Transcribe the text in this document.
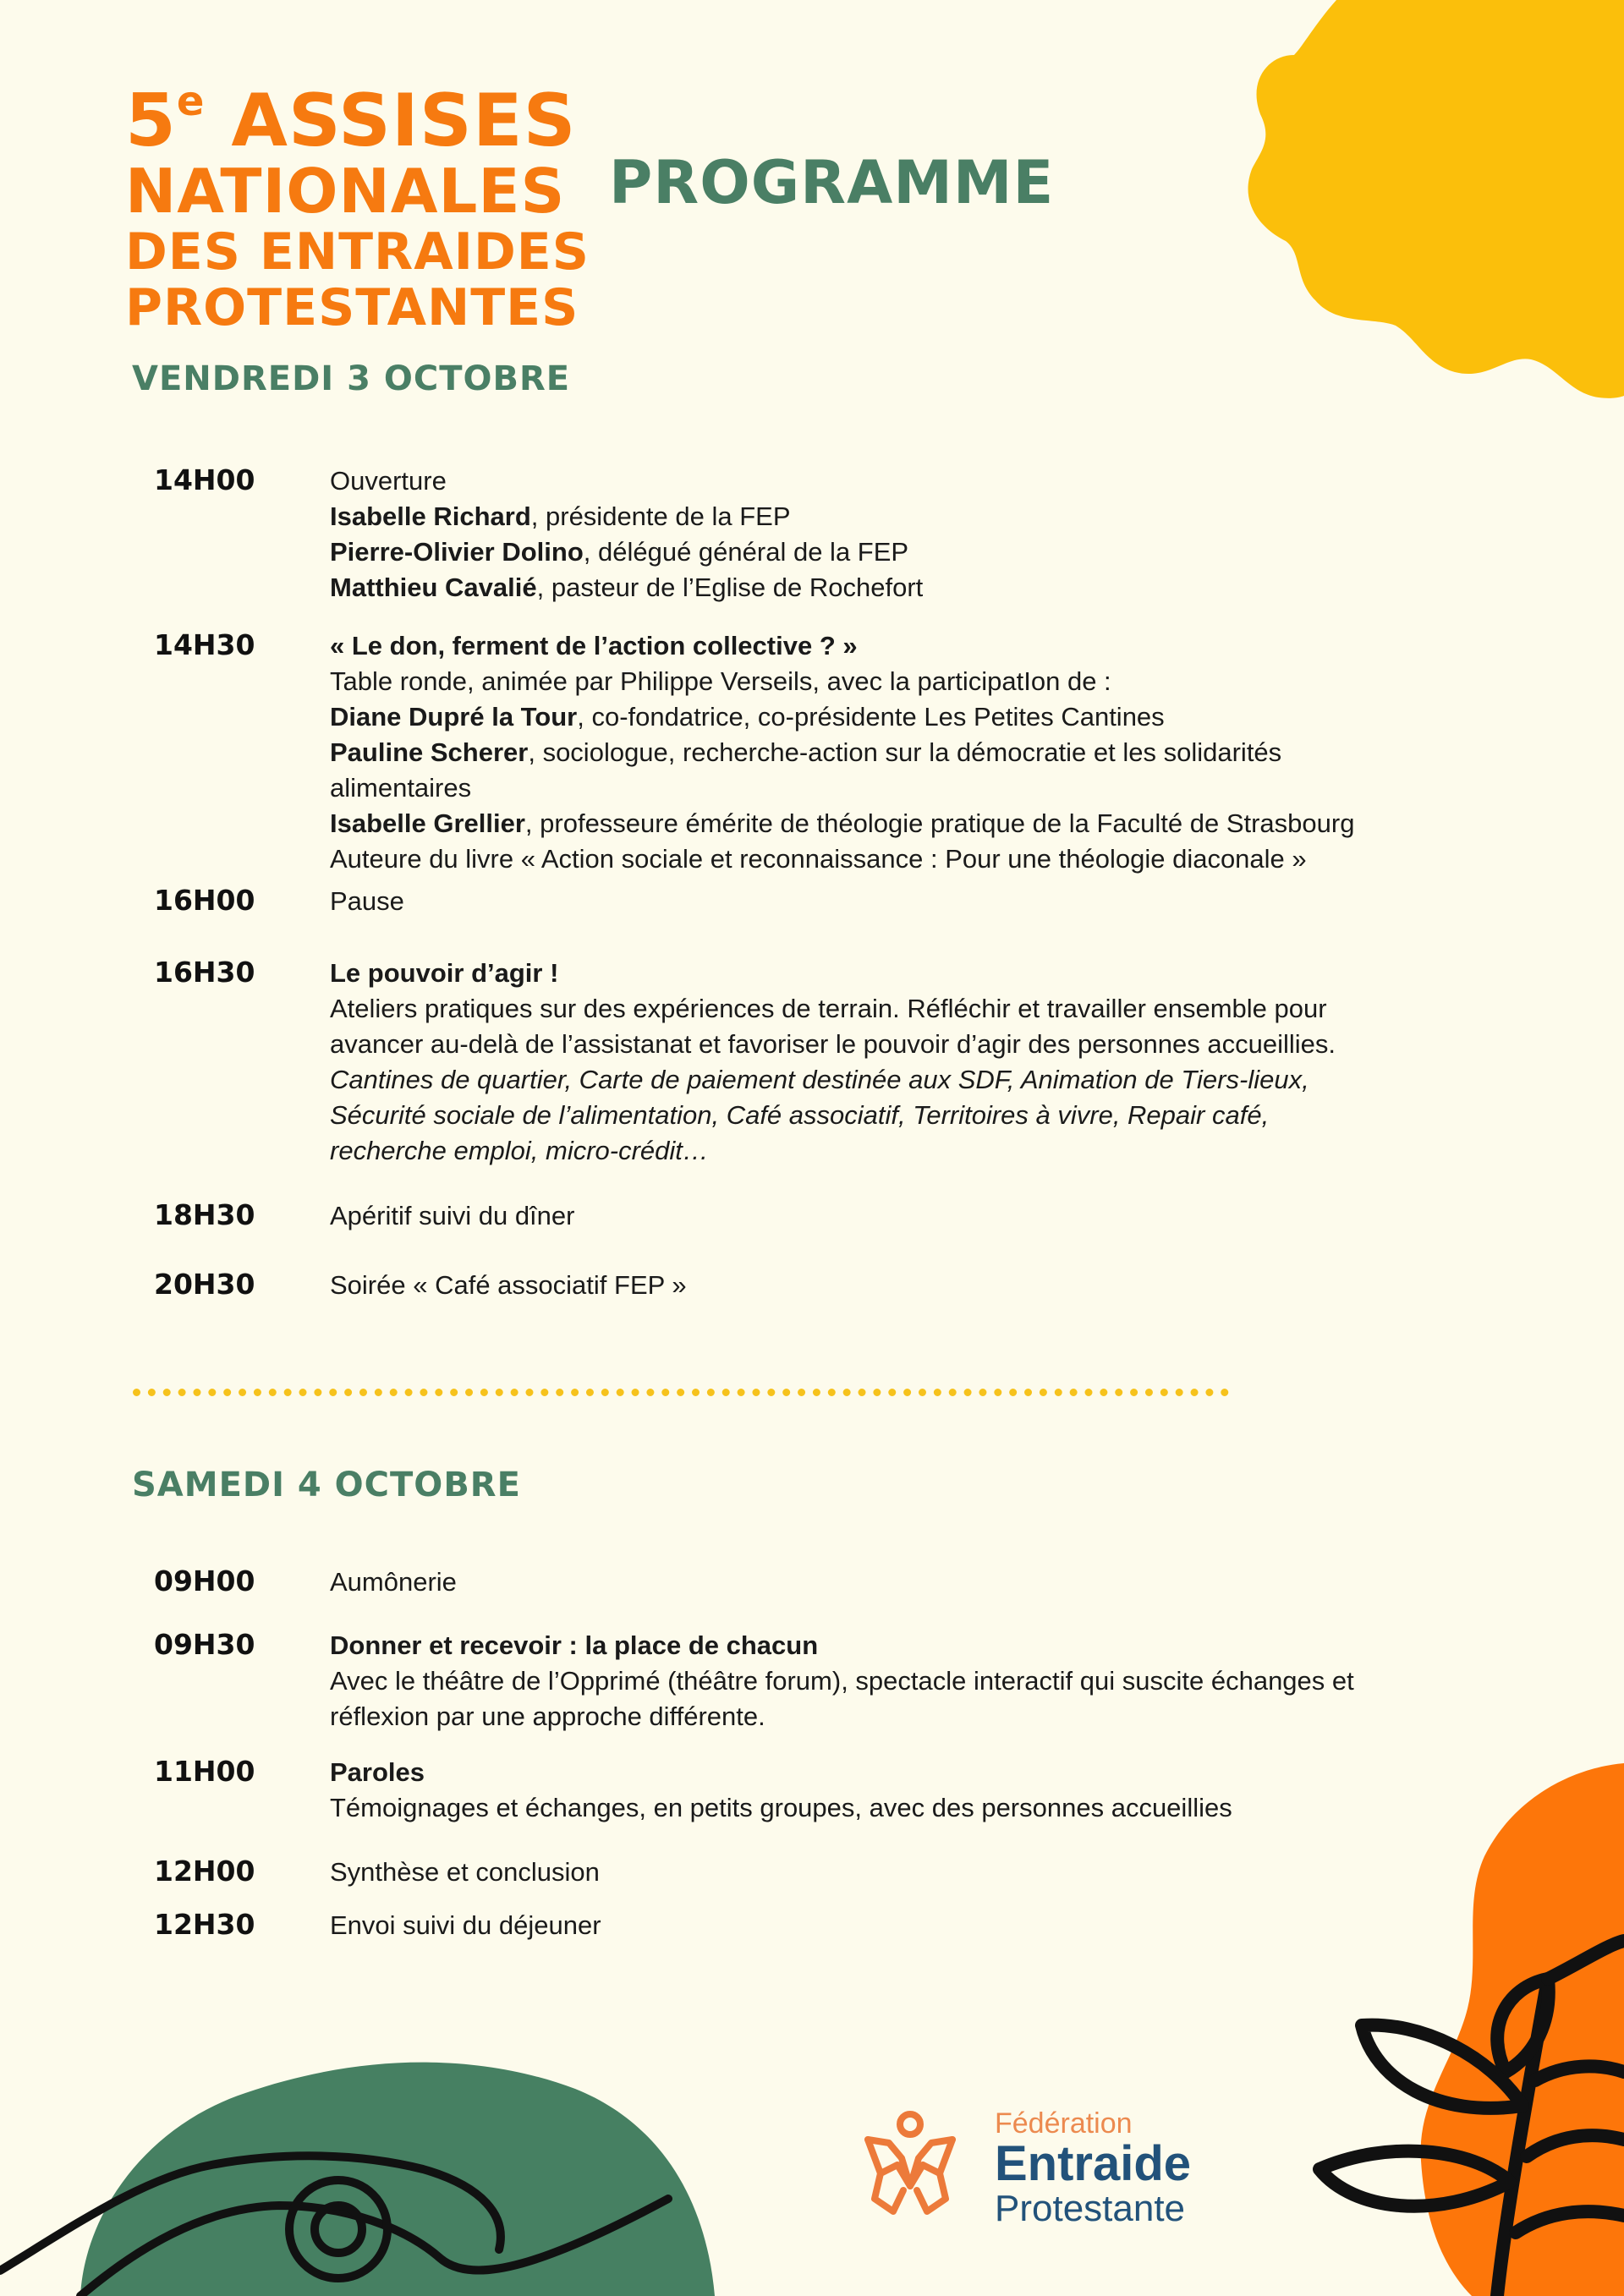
5e ASSISES
NATIONALES
DES ENTRAIDES
PROTESTANTES
PROGRAMME
VENDREDI 3 OCTOBRE
SAMEDI 4 OCTOBRE
14H00	Ouverture
Isabelle Richard, présidente de la FEP
Pierre-Olivier Dolino, délégué général de la FEP
Matthieu Cavalié, pasteur de l’Eglise de Rochefort
14H30	« Le don, ferment de l’action collective ? »
Table ronde, animée par Philippe Verseils, avec la participatIon de :
Diane Dupré la Tour, co-fondatrice, co-présidente Les Petites Cantines
Pauline Scherer, sociologue, recherche-action sur la démocratie et les solidarités
alimentaires
Isabelle Grellier, professeure émérite de théologie pratique de la Faculté de Strasbourg
Auteure du livre « Action sociale et reconnaissance : Pour une théologie diaconale »
16H00	Pause
16H30	Le pouvoir d’agir !
Ateliers pratiques sur des expériences de terrain. Réfléchir et travailler ensemble pour
avancer au-delà de l’assistanat et favoriser le pouvoir d’agir des personnes accueillies.
Cantines de quartier, Carte de paiement destinée aux SDF, Animation de Tiers-lieux,
Sécurité sociale de l’alimentation, Café associatif, Territoires à vivre, Repair café,
recherche emploi, micro-crédit…
18H30	Apéritif suivi du dîner
20H30	Soirée « Café associatif FEP »
09H00	Aumônerie
09H30	Donner et recevoir : la place de chacun
Avec le théâtre de l’Opprimé (théâtre forum), spectacle interactif qui suscite échanges et
réflexion par une approche différente.
11H00	Paroles
Témoignages et échanges, en petits groupes, avec des personnes accueillies
12H00	Synthèse et conclusion
12H30	Envoi suivi du déjeuner
Fédération
Entraide
Protestante
